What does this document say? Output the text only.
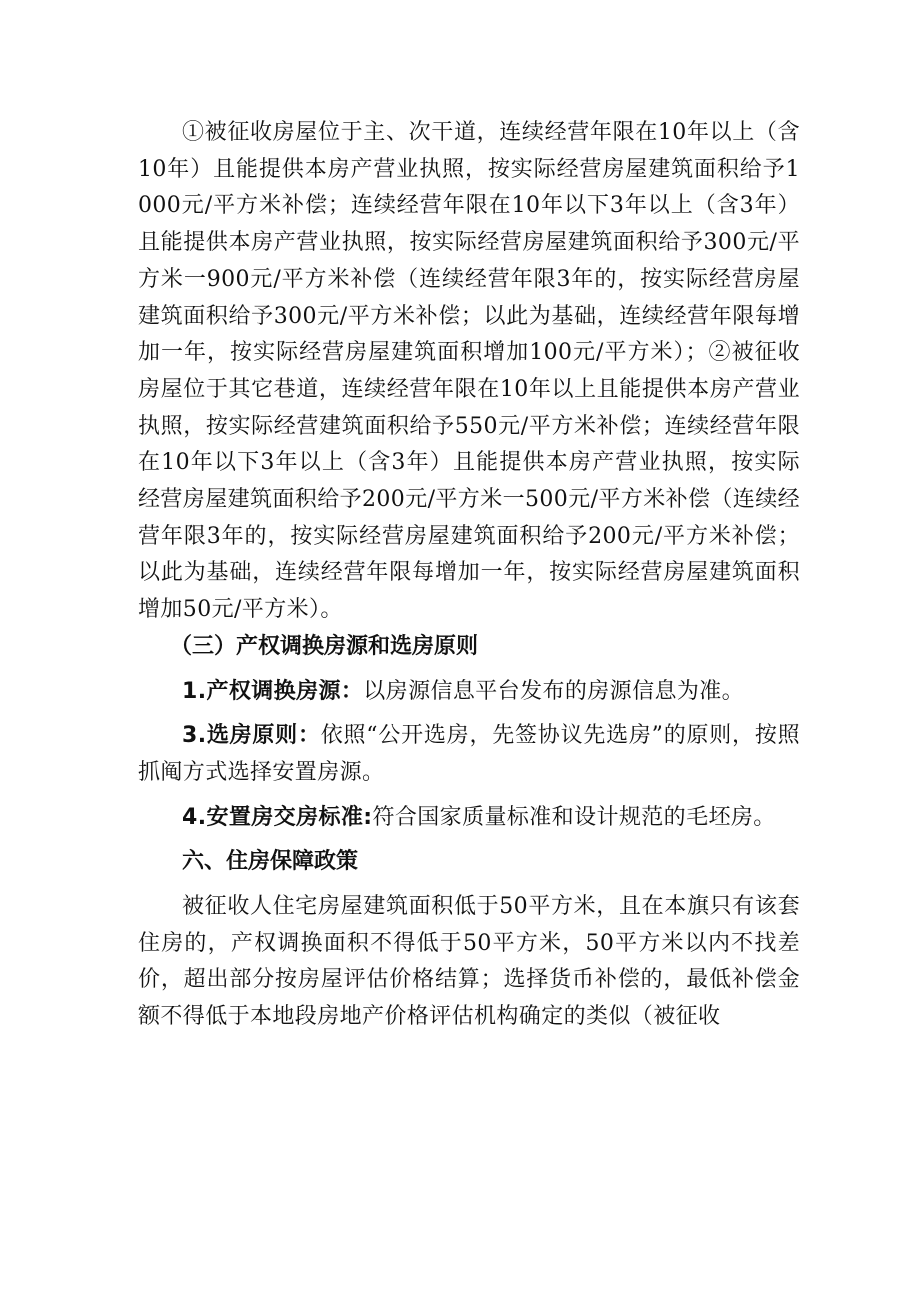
①被征收房屋位于主、次干道，连续经营年限在10年以上（含10年）且能提供本房产营业执照，按实际经营房屋建筑面积给予1000元/平方米补偿；连续经营年限在10年以下3年以上（含3年）且能提供本房产营业执照，按实际经营房屋建筑面积给予300元/平方米一900元/平方米补偿（连续经营年限3年的，按实际经营房屋建筑面积给予300元/平方米补偿；以此为基础，连续经营年限每增加一年，按实际经营房屋建筑面积增加100元/平方米）；②被征收房屋位于其它巷道，连续经营年限在10年以上且能提供本房产营业执照，按实际经营建筑面积给予550元/平方米补偿；连续经营年限在10年以下3年以上（含3年）且能提供本房产营业执照，按实际经营房屋建筑面积给予200元/平方米一500元/平方米补偿（连续经营年限3年的，按实际经营房屋建筑面积给予200元/平方米补偿；以此为基础，连续经营年限每增加一年，按实际经营房屋建筑面积增加50元/平方米）。

（三）产权调换房源和选房原则

1.产权调换房源：以房源信息平台发布的房源信息为准。

3.选房原则：依照“公开选房，先签协议先选房”的原则，按照抓阄方式选择安置房源。

4.安置房交房标准:符合国家质量标准和设计规范的毛坯房。

六、住房保障政策

被征收人住宅房屋建筑面积低于50平方米，且在本旗只有该套住房的，产权调换面积不得低于50平方米，50平方米以内不找差价，超出部分按房屋评估价格结算；选择货币补偿的，最低补偿金额不得低于本地段房地产价格评估机构确定的类似（被征收
